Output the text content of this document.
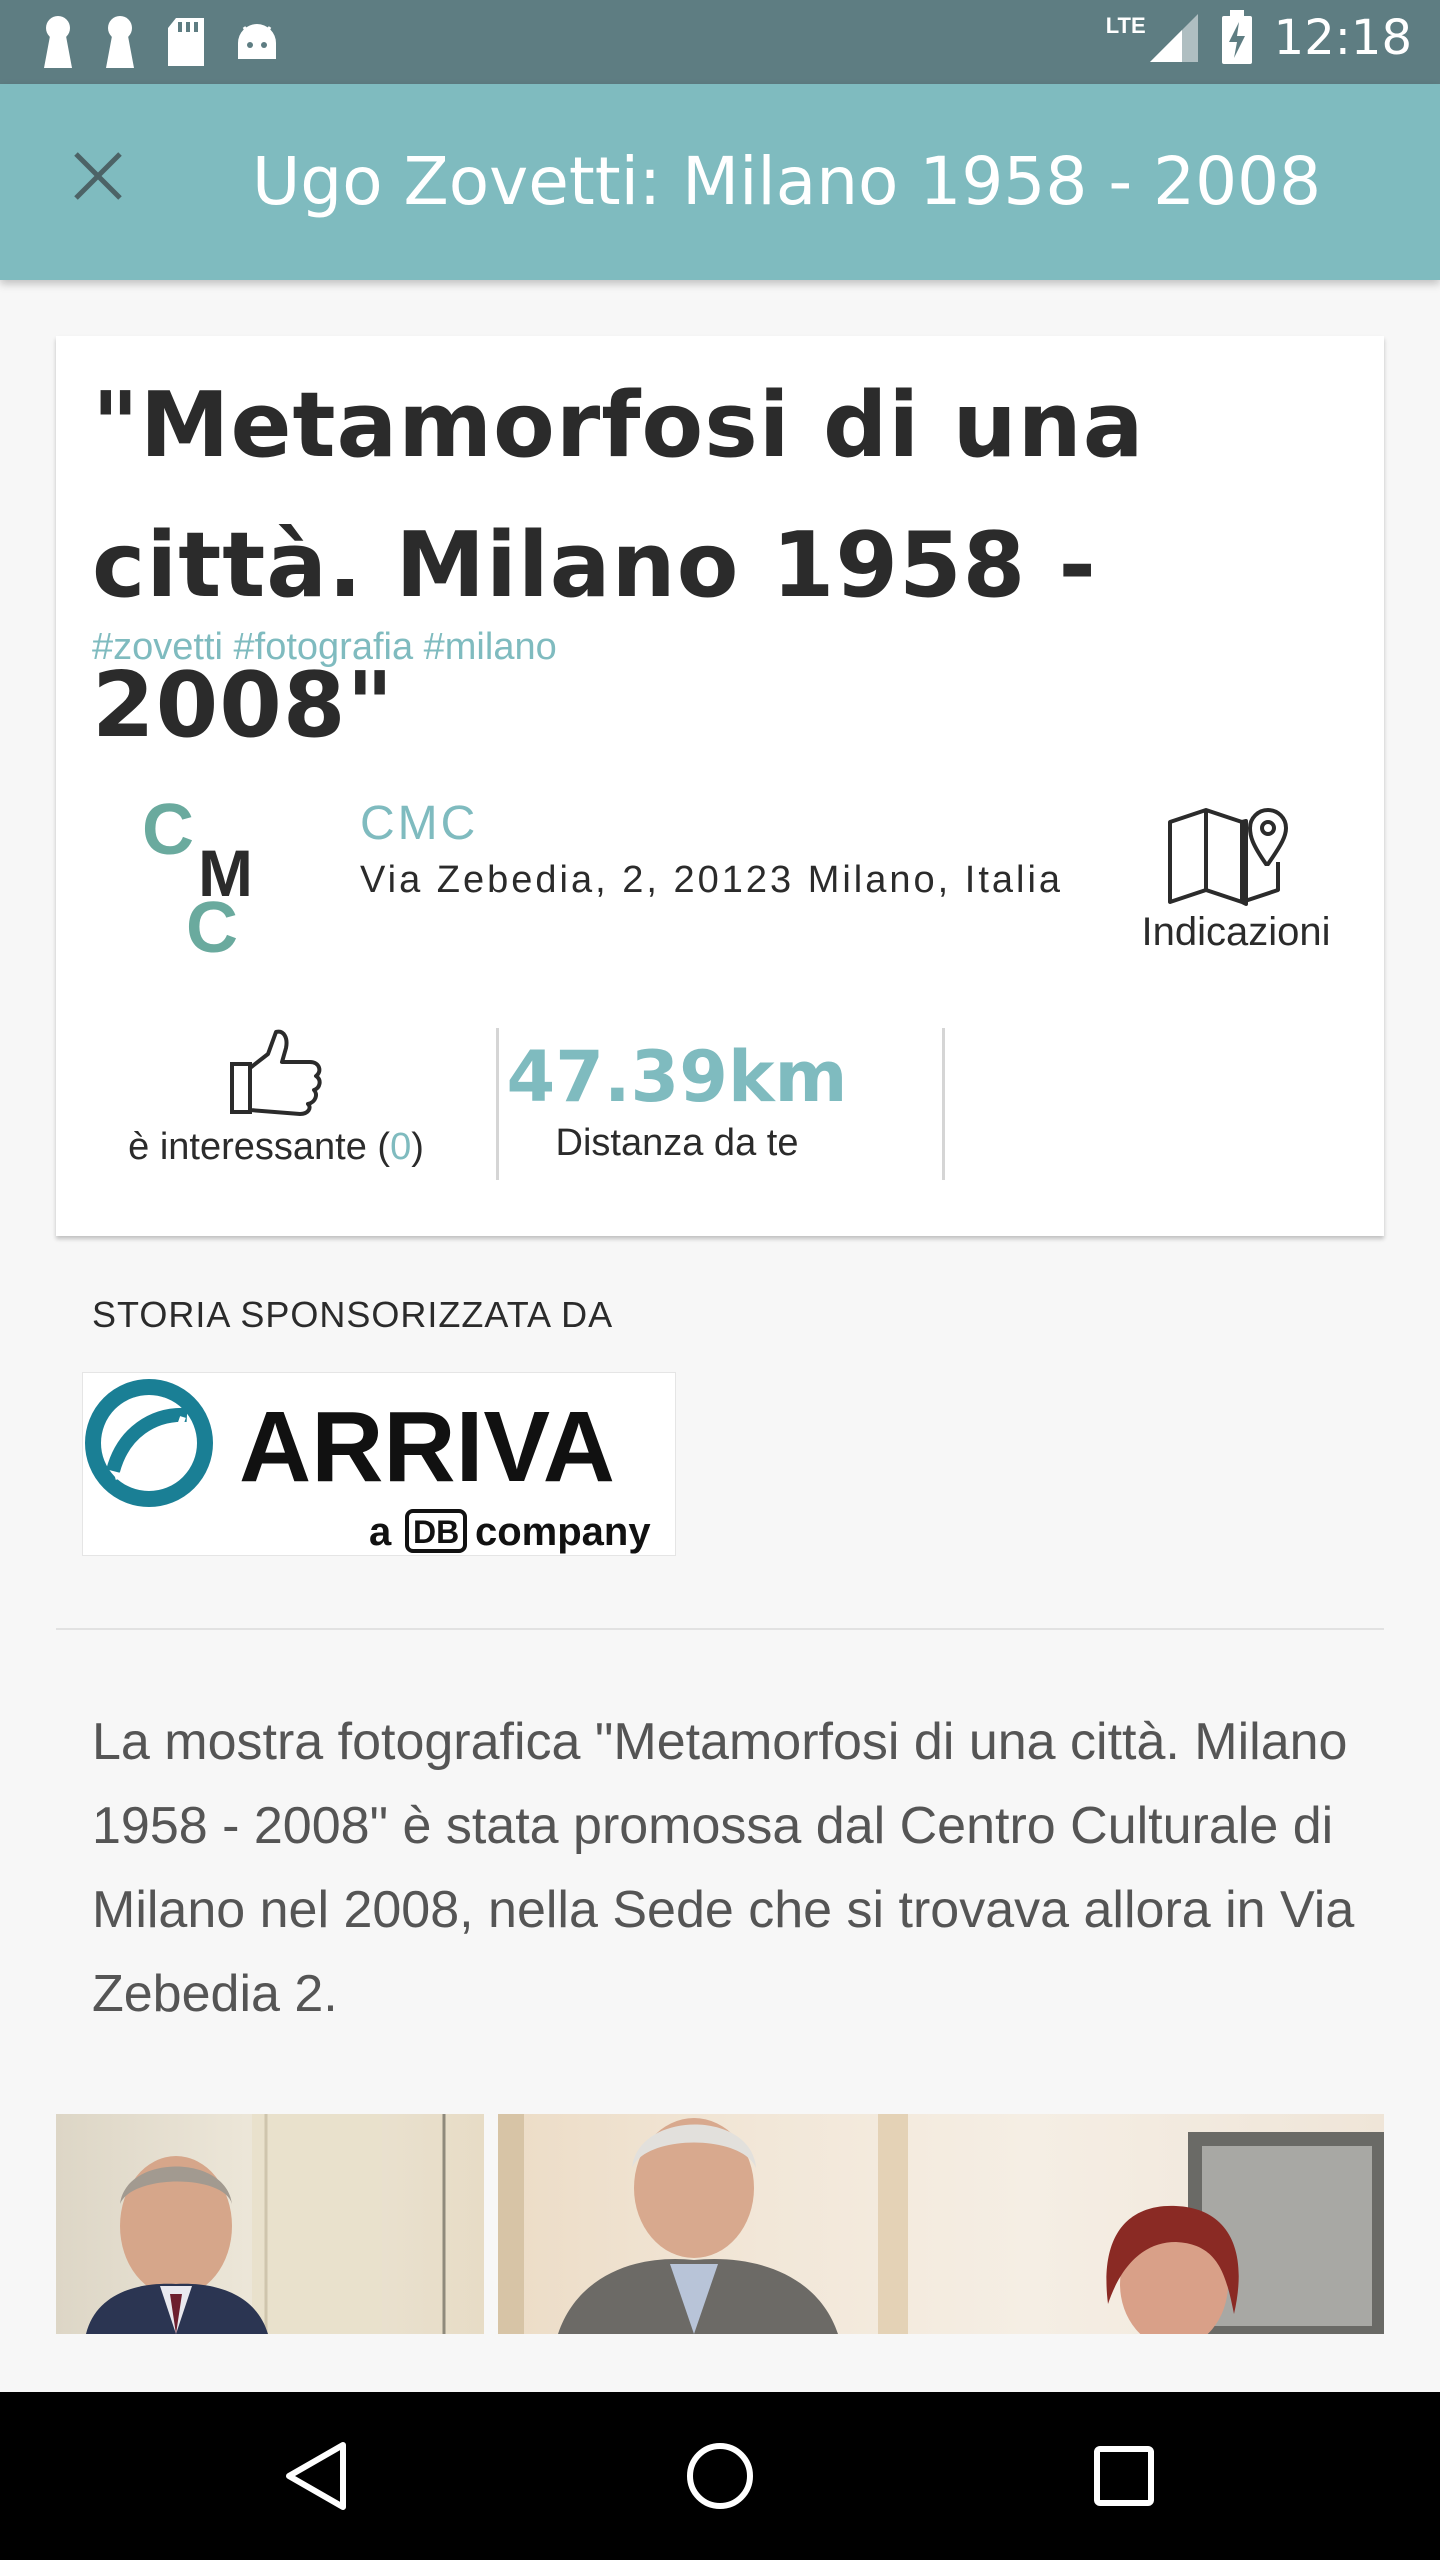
LTE	12:18
Ugo Zovetti: Milano 1958 - 2008
"Metamorfosi di una città. Milano 1958 - 2008"
#zovetti #fotografia #milano
C
M
C
CMC
Via Zebedia, 2, 20123 Milano, Italia
Indicazioni
è interessante (0)
47.39km
Distanza da te
STORIA SPONSORIZZATA DA
ARRIVA
a DB company

La mostra fotografica "Metamorfosi di una città. Milano 1958 - 2008" è stata promossa dal Centro Culturale di Milano nel 2008, nella Sede che si trovava allora in Via Zebedia 2.
